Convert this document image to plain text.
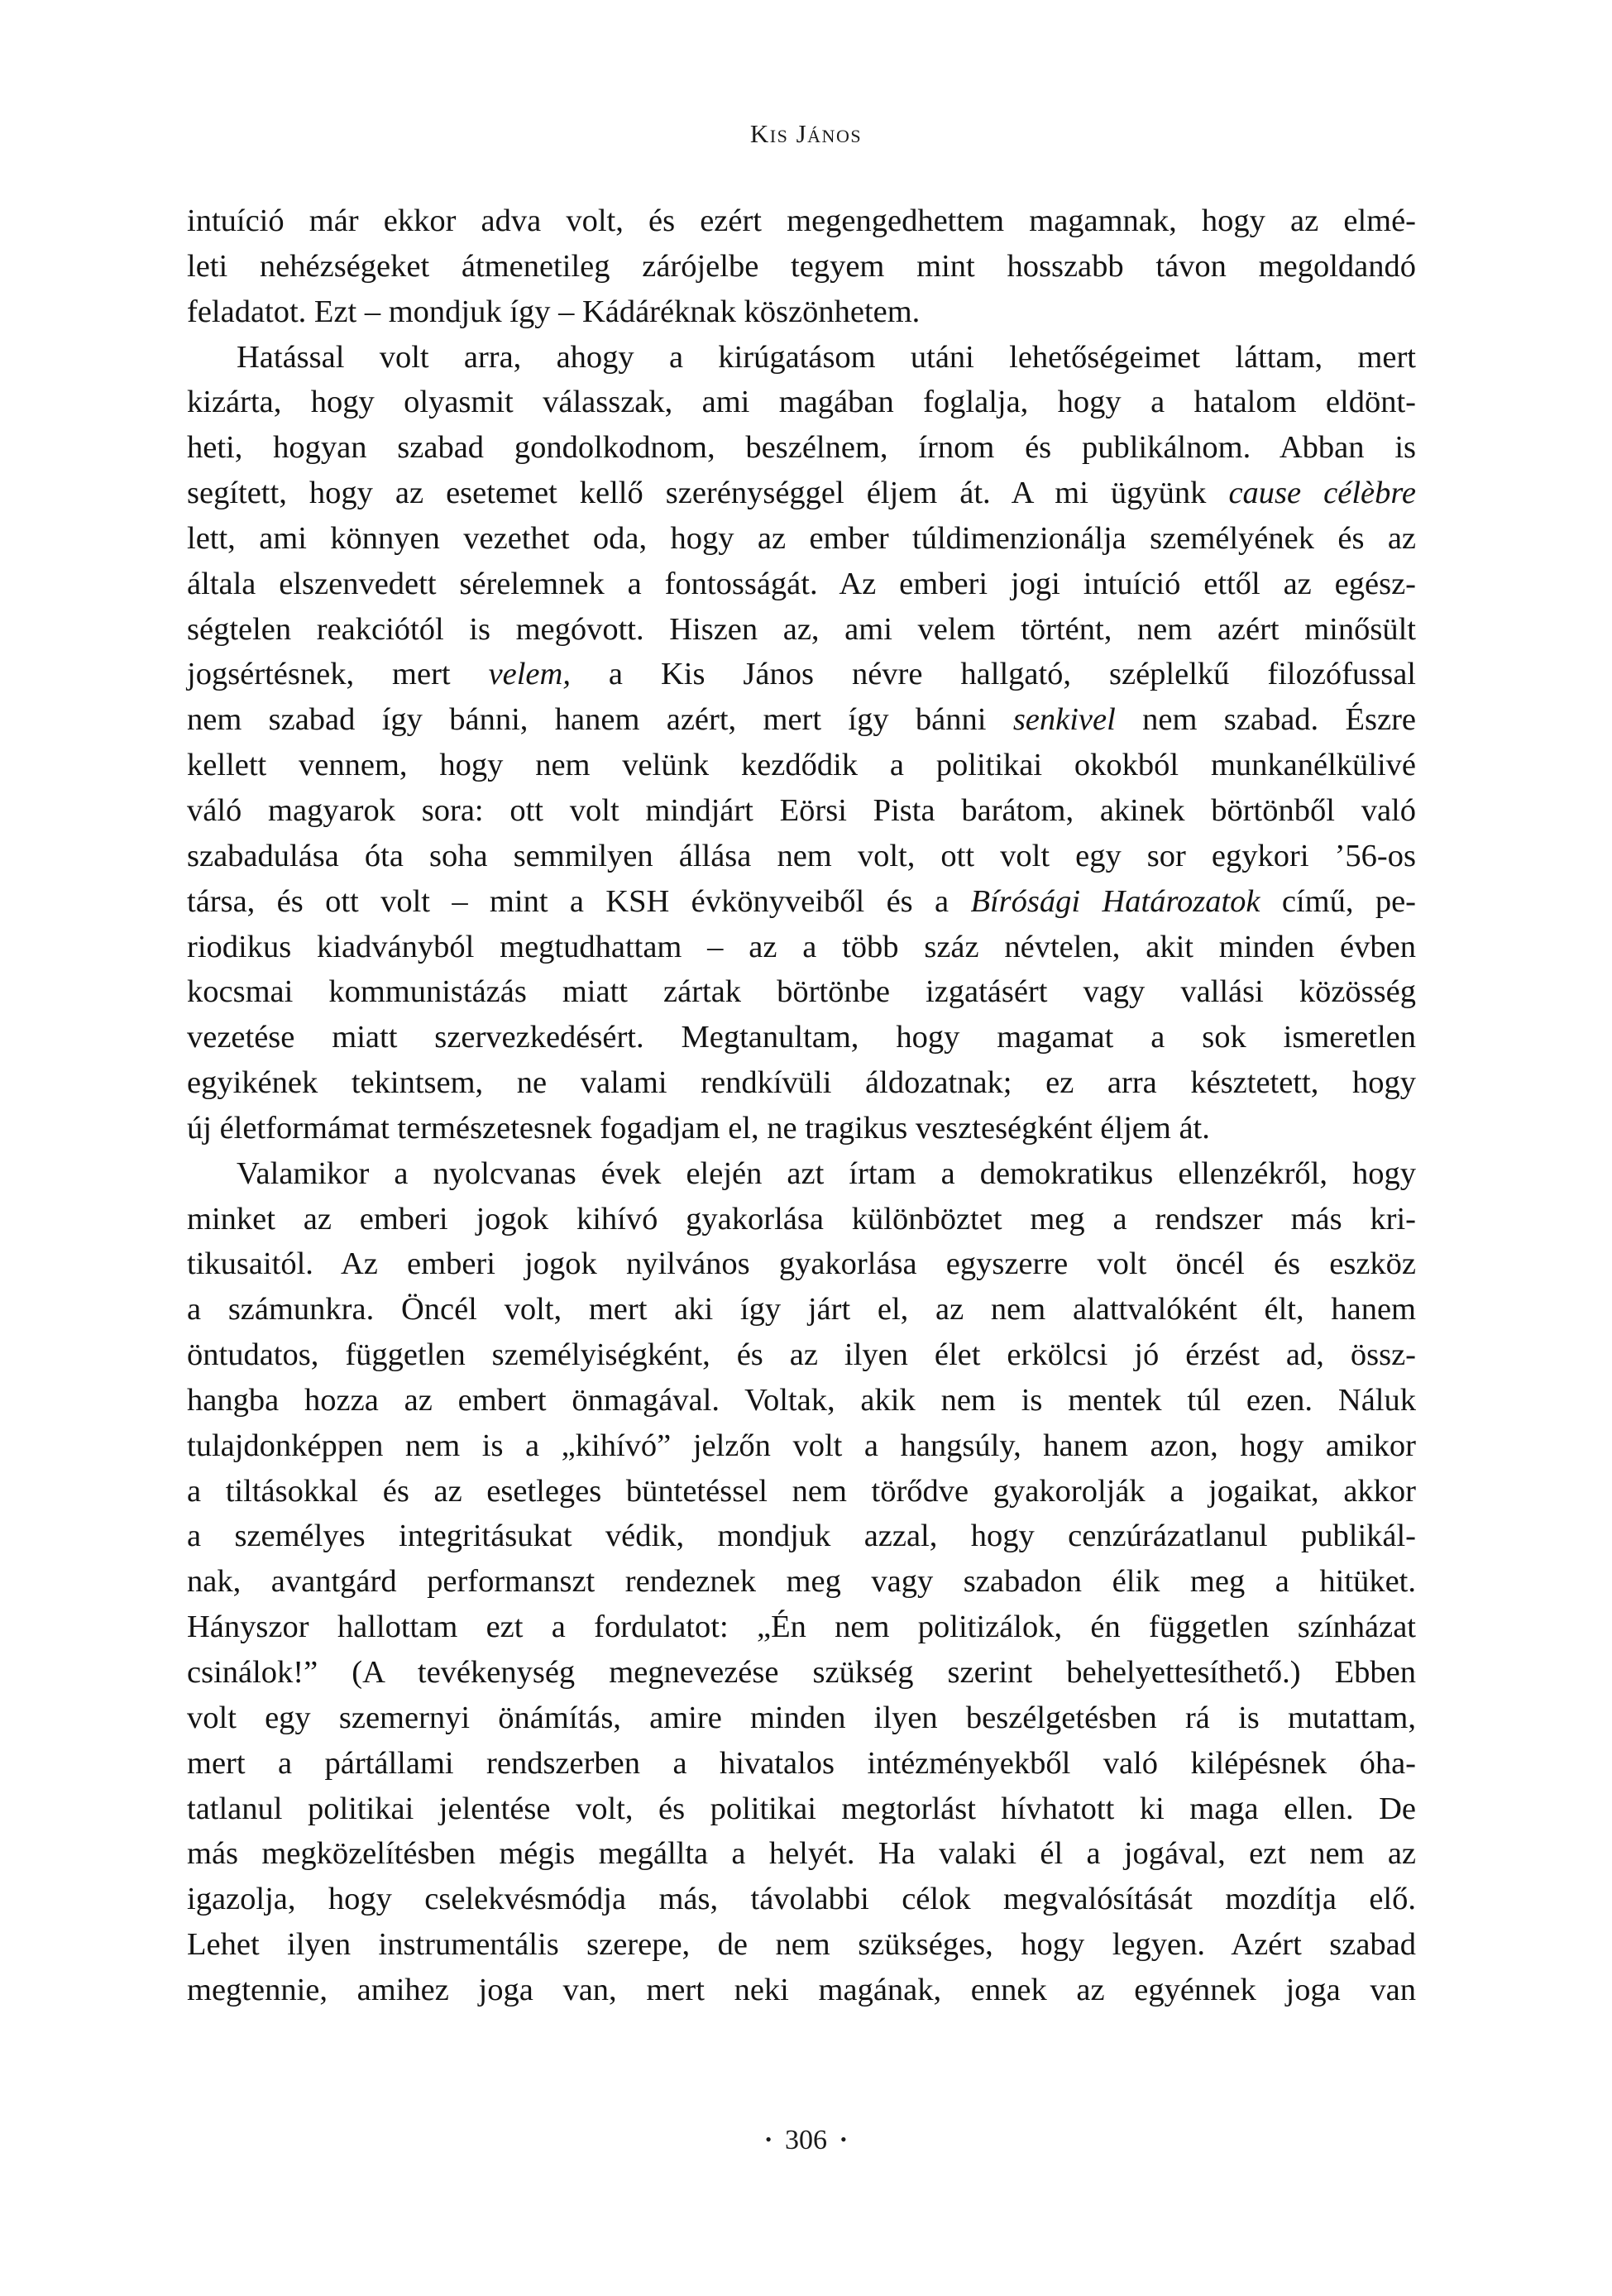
Kis János
intuíció már ekkor adva volt, és ezért megengedhettem magamnak, hogy az elmé-
leti nehézségeket átmenetileg zárójelbe tegyem mint hosszabb távon megoldandó
feladatot. Ezt – mondjuk így – Kádáréknak köszönhetem.
Hatással volt arra, ahogy a kirúgatásom utáni lehetőségeimet láttam, mert
kizárta, hogy olyasmit válasszak, ami magában foglalja, hogy a hatalom eldönt-
heti, hogyan szabad gondolkodnom, beszélnem, írnom és publikálnom. Abban is
segített, hogy az esetemet kellő szerénységgel éljem át. A mi ügyünk cause célèbre
lett, ami könnyen vezethet oda, hogy az ember túldimenzionálja személyének és az
általa elszenvedett sérelemnek a fontosságát. Az emberi jogi intuíció ettől az egész-
ségtelen reakciótól is megóvott. Hiszen az, ami velem történt, nem azért minősült
jogsértésnek, mert velem, a Kis János névre hallgató, széplelkű filozófussal
nem szabad így bánni, hanem azért, mert így bánni senkivel nem szabad. Észre
kellett vennem, hogy nem velünk kezdődik a politikai okokból munkanélkülivé
váló magyarok sora: ott volt mindjárt Eörsi Pista barátom, akinek börtönből való
szabadulása óta soha semmilyen állása nem volt, ott volt egy sor egykori ’56-os
társa, és ott volt – mint a KSH évkönyveiből és a Bírósági Határozatok című, pe-
riodikus kiadványból megtudhattam – az a több száz névtelen, akit minden évben
kocsmai kommunistázás miatt zártak börtönbe izgatásért vagy vallási közösség
vezetése miatt szervezkedésért. Megtanultam, hogy magamat a sok ismeretlen
egyikének tekintsem, ne valami rendkívüli áldozatnak; ez arra késztetett, hogy
új életformámat természetesnek fogadjam el, ne tragikus veszteségként éljem át.
Valamikor a nyolcvanas évek elején azt írtam a demokratikus ellenzékről, hogy
minket az emberi jogok kihívó gyakorlása különböztet meg a rendszer más kri-
tikusaitól. Az emberi jogok nyilvános gyakorlása egyszerre volt öncél és eszköz
a számunkra. Öncél volt, mert aki így járt el, az nem alattvalóként élt, hanem
öntudatos, független személyiségként, és az ilyen élet erkölcsi jó érzést ad, össz-
hangba hozza az embert önmagával. Voltak, akik nem is mentek túl ezen. Náluk
tulajdonképpen nem is a „kihívó” jelzőn volt a hangsúly, hanem azon, hogy amikor
a tiltásokkal és az esetleges büntetéssel nem törődve gyakorolják a jogaikat, akkor
a személyes integritásukat védik, mondjuk azzal, hogy cenzúrázatlanul publikál-
nak, avantgárd performanszt rendeznek meg vagy szabadon élik meg a hitüket.
Hányszor hallottam ezt a fordulatot: „Én nem politizálok, én független színházat
csinálok!” (A tevékenység megnevezése szükség szerint behelyettesíthető.) Ebben
volt egy szemernyi önámítás, amire minden ilyen beszélgetésben rá is mutattam,
mert a pártállami rendszerben a hivatalos intézményekből való kilépésnek óha-
tatlanul politikai jelentése volt, és politikai megtorlást hívhatott ki maga ellen. De
más megközelítésben mégis megállta a helyét. Ha valaki él a jogával, ezt nem az
igazolja, hogy cselekvésmódja más, távolabbi célok megvalósítását mozdítja elő.
Lehet ilyen instrumentális szerepe, de nem szükséges, hogy legyen. Azért szabad
megtennie, amihez joga van, mert neki magának, ennek az egyénnek joga van
• 306 •
